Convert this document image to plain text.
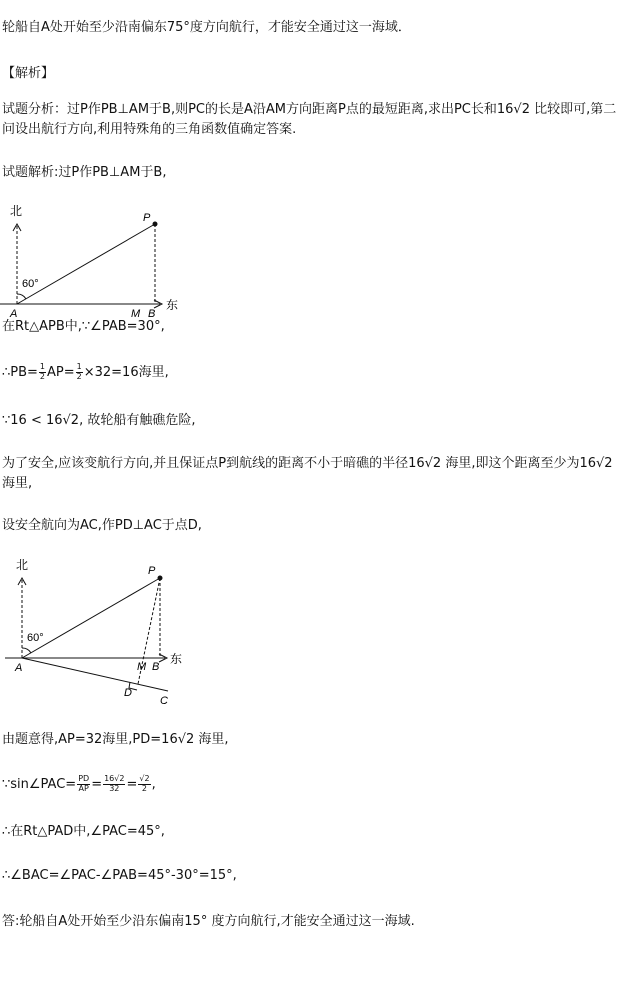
轮船自A处开始至少沿南偏东75°度方向航行，才能安全通过这一海域．
【解析】
试题分析：过P作PB⊥AM于B,则PC的长是A沿AM方向距离P点的最短距离,求出PC长和16√2 比较即可,第二问设出航行方向,利用特殊角的三角函数值确定答案.
试题解析:过P作PB⊥AM于B,
北
东
60°
A	M B
P
在Rt△APB中,∵∠PAB=30°,
∴PB= $\frac{1}{2} AP= \frac{1}{2} \times 32=16$海里,
∵16 < 16√2, 故轮船有触礁危险,
为了安全,应该变航行方向,并且保证点P到航线的距离不小于暗礁的半径16√2 海里,即这个距离至少为16√2 海里,
设安全航向为AC,作PD⊥AC于点D,
北
东
60°
A	M B
P
D
C
由题意得,AP=32海里,PD=16√2 海里,
∵sin∠PAC= $\frac{PD}{AP} = \frac{16√2}{32} = \frac{√2}{2}$ ,
∴在Rt△PAD中,∠PAC=45°,
∴∠BAC=∠PAC-∠PAB=45°-30°=15°,
答:轮船自A处开始至少沿东偏南15° 度方向航行,才能安全通过这一海域.
